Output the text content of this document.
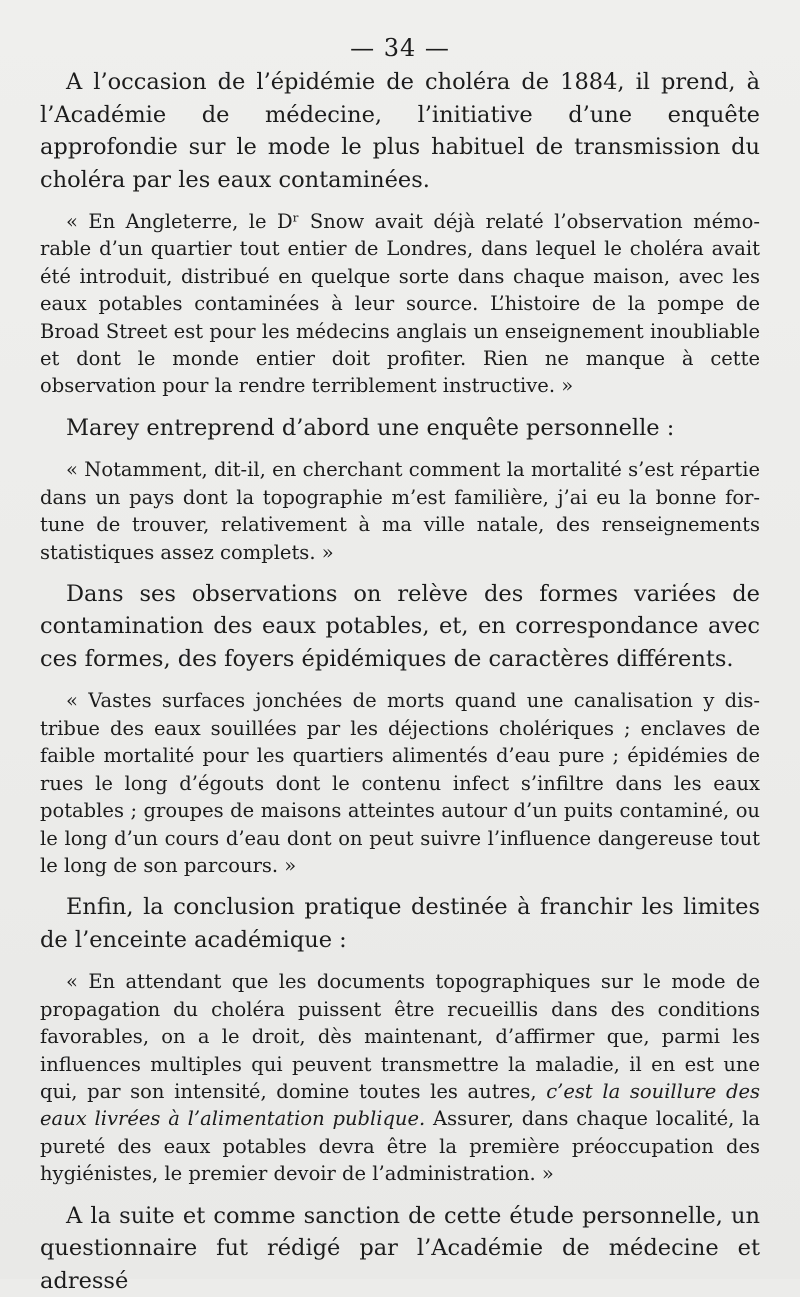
— 34 —

A l’occasion de l’épidémie de choléra de 1884, il prend, à l’Académie de médecine, l’initiative d’une enquête approfondie sur le mode le plus habituel de transmission du choléra par les eaux contaminées.

« En Angleterre, le Dʳ Snow avait déjà relaté l’observation mémorable d’un quartier tout entier de Londres, dans lequel le choléra avait été introduit, distribué en quelque sorte dans chaque maison, avec les eaux potables contaminées à leur source. L’histoire de la pompe de Broad Street est pour les médecins anglais un enseignement inoubliable et dont le monde entier doit profiter. Rien ne manque à cette observation pour la rendre terriblement instructive. »

Marey entreprend d’abord une enquête personnelle :

« Notamment, dit-il, en cherchant comment la mortalité s’est répartie dans un pays dont la topographie m’est familière, j’ai eu la bonne fortune de trouver, relativement à ma ville natale, des renseignements statistiques assez complets. »

Dans ses observations on relève des formes variées de contamination des eaux potables, et, en correspondance avec ces formes, des foyers épidémiques de caractères différents.

« Vastes surfaces jonchées de morts quand une canalisation y distribue des eaux souillées par les déjections cholériques ; enclaves de faible mortalité pour les quartiers alimentés d’eau pure ; épidémies de rues le long d’égouts dont le contenu infect s’infiltre dans les eaux potables ; groupes de maisons atteintes autour d’un puits contaminé, ou le long d’un cours d’eau dont on peut suivre l’influence dangereuse tout le long de son parcours. »

Enfin, la conclusion pratique destinée à franchir les limites de l’enceinte académique :

« En attendant que les documents topographiques sur le mode de propagation du choléra puissent être recueillis dans des conditions favorables, on a le droit, dès maintenant, d’affirmer que, parmi les influences multiples qui peuvent transmettre la maladie, il en est une qui, par son intensité, domine toutes les autres, c’est la souillure des eaux livrées à l’alimentation publique. Assurer, dans chaque localité, la pureté des eaux potables devra être la première préoccupation des hygiénistes, le premier devoir de l’administration. »

A la suite et comme sanction de cette étude personnelle, un questionnaire fut rédigé par l’Académie de médecine et adressé
